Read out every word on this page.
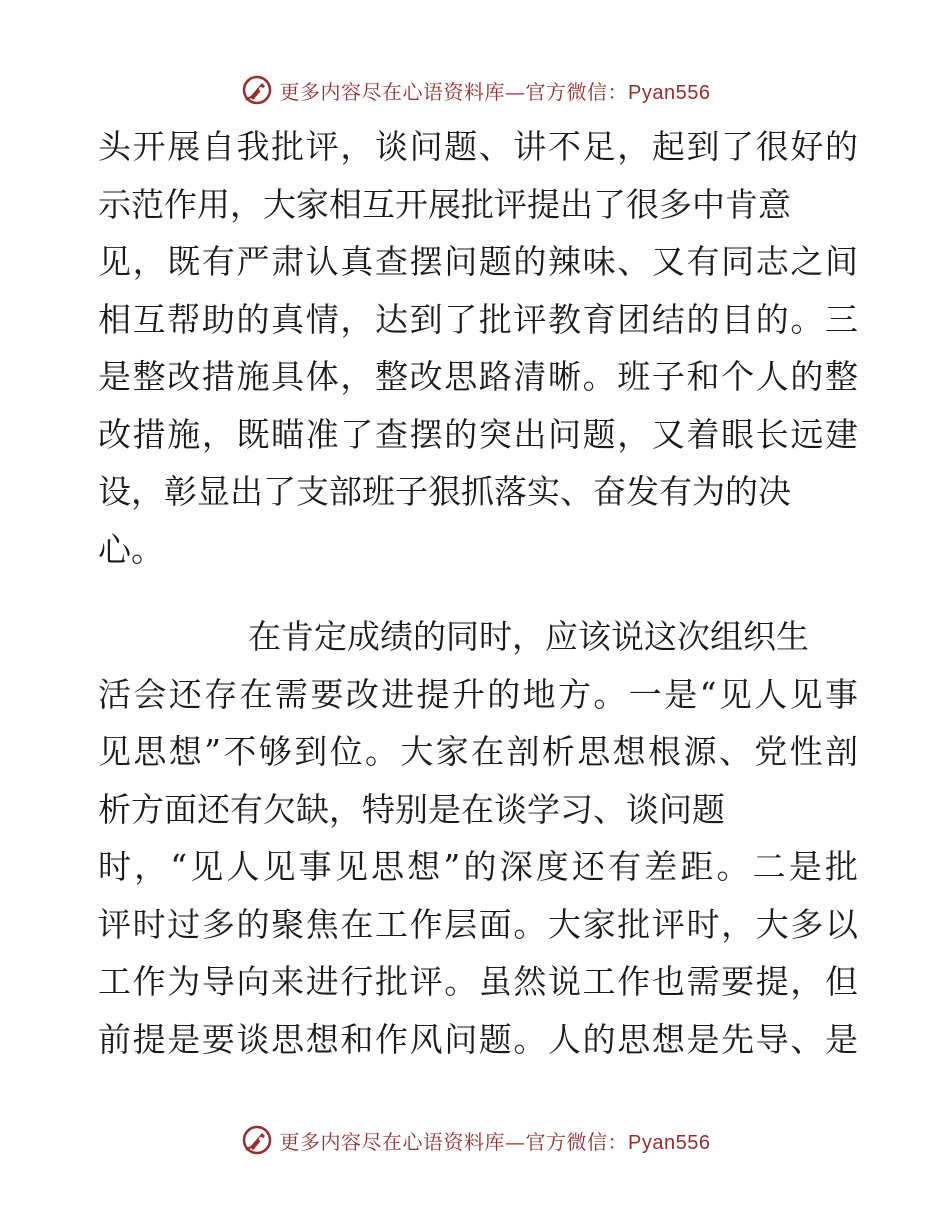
更多内容尽在心语资料库—官方微信：Pyan556
头开展自我批评，谈问题、讲不足，起到了很好的
示范作用，大家相互开展批评提出了很多中肯意
见，既有严肃认真查摆问题的辣味、又有同志之间
相互帮助的真情，达到了批评教育团结的目的。三
是整改措施具体，整改思路清晰。班子和个人的整
改措施，既瞄准了查摆的突出问题，又着眼长远建
设，彰显出了支部班子狠抓落实、奋发有为的决
心。
在肯定成绩的同时，应该说这次组织生
活会还存在需要改进提升的地方。一是“见人见事
见思想”不够到位。大家在剖析思想根源、党性剖
析方面还有欠缺，特别是在谈学习、谈问题
时，“见人见事见思想”的深度还有差距。二是批
评时过多的聚焦在工作层面。大家批评时，大多以
工作为导向来进行批评。虽然说工作也需要提，但
前提是要谈思想和作风问题。人的思想是先导、是
更多内容尽在心语资料库—官方微信：Pyan556
